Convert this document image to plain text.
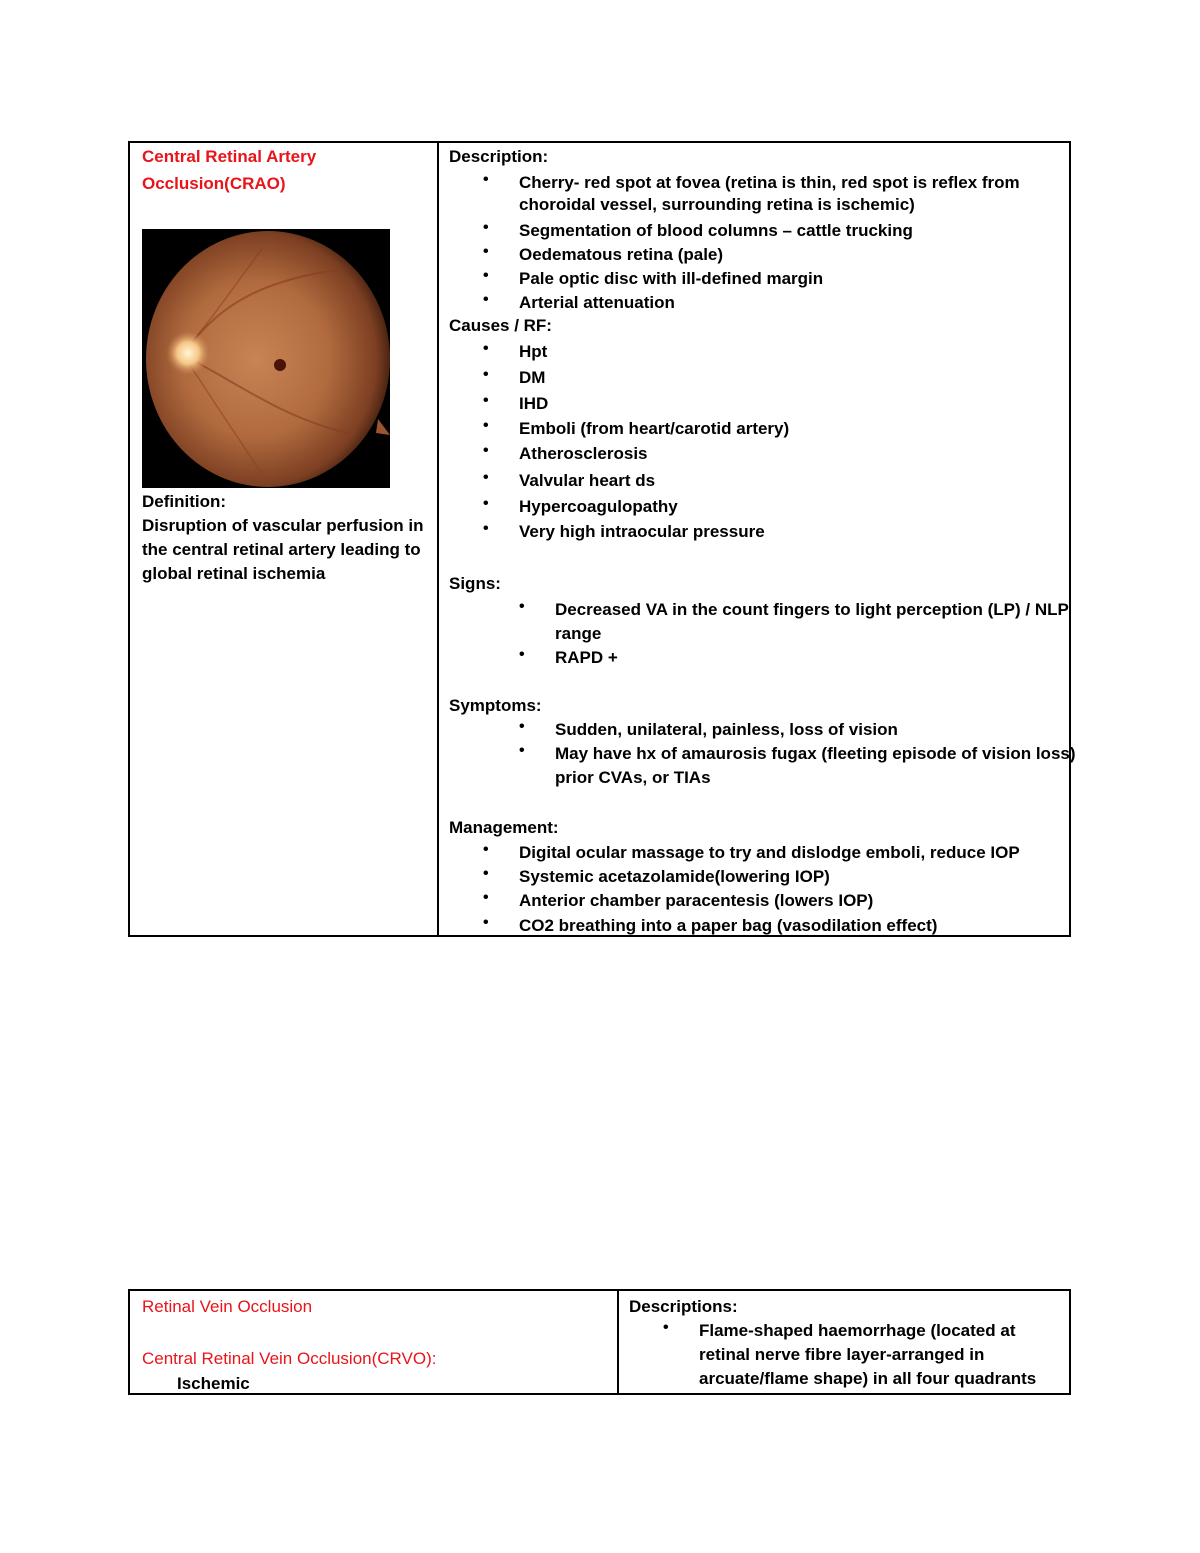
Central Retinal Artery
Occlusion(CRAO)
Definition:
Disruption of vascular perfusion in
the central retinal artery leading to
global retinal ischemia
Description:
• Cherry- red spot at fovea (retina is thin, red spot is reflex from
choroidal vessel, surrounding retina is ischemic)
• Segmentation of blood columns – cattle trucking
• Oedematous retina (pale)
• Pale optic disc with ill-defined margin
• Arterial attenuation
Causes / RF:
• Hpt
• DM
• IHD
• Emboli (from heart/carotid artery)
• Atherosclerosis
• Valvular heart ds
• Hypercoagulopathy
• Very high intraocular pressure
Signs:
• Decreased VA in the count fingers to light perception (LP) / NLP
range
• RAPD +
Symptoms:
• Sudden, unilateral, painless, loss of vision
• May have hx of amaurosis fugax (fleeting episode of vision loss)
prior CVAs, or TIAs
Management:
• Digital ocular massage to try and dislodge emboli, reduce IOP
• Systemic acetazolamide(lowering IOP)
• Anterior chamber paracentesis (lowers IOP)
• CO2 breathing into a paper bag (vasodilation effect)
Retinal Vein Occlusion
Central Retinal Vein Occlusion(CRVO):
Ischemic
Descriptions:
• Flame-shaped haemorrhage (located at
retinal nerve fibre layer-arranged in
arcuate/flame shape) in all four quadrants
